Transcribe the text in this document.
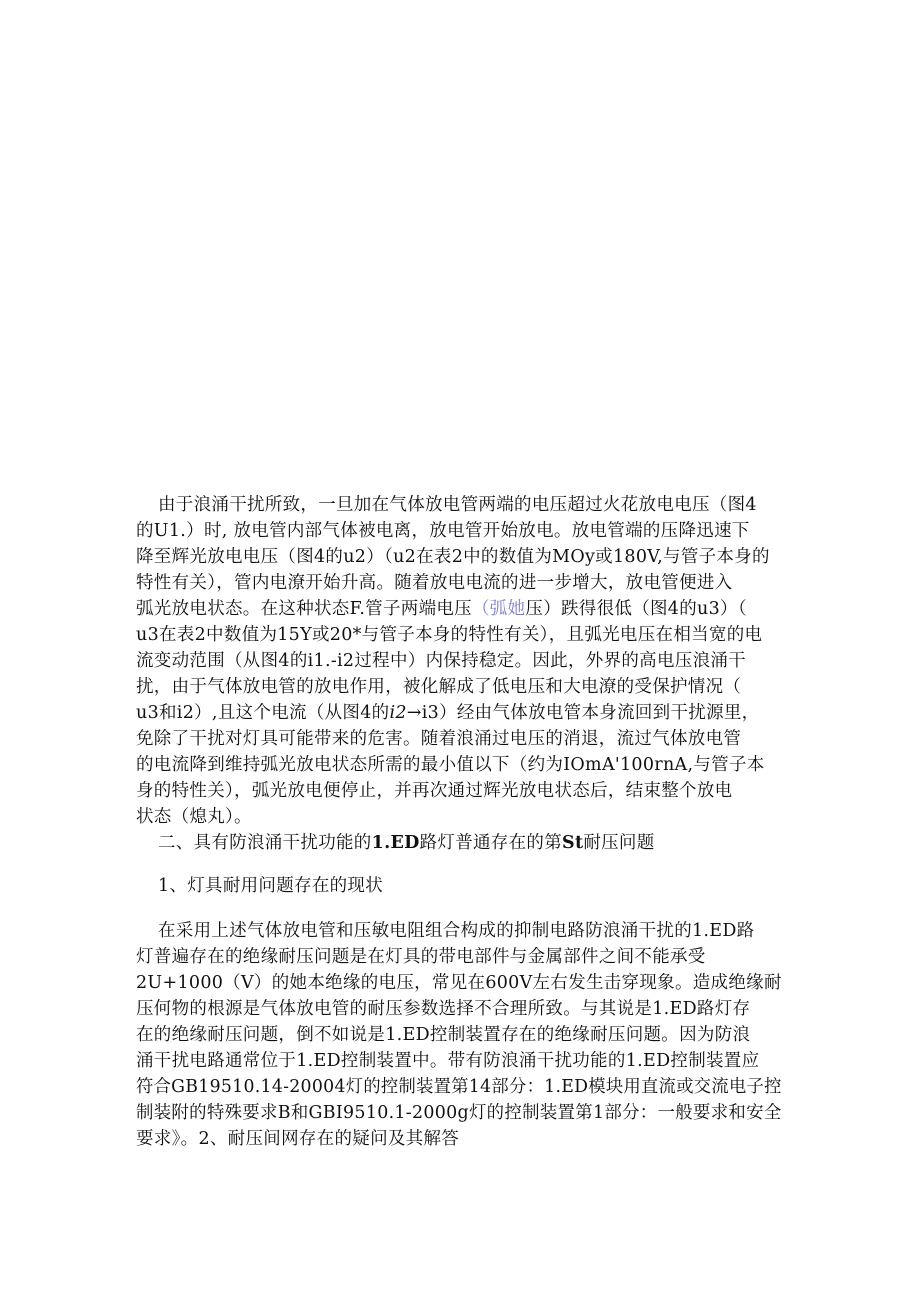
由于浪涌干扰所致，一旦加在气体放电管两端的电压超过火花放电电压（图4
的U1.）时, 放电管内部气体被电离，放电管开始放电。放电管端的压降迅速下
降至辉光放电电压（图4的u2）（u2在表2中的数值为MOy或180V,与管子本身的
特性有关），管内电潦开始升高。随着放电电流的进一步增大，放电管便进入
弧光放电状态。在这种状态F.管子两端电压（弧她压）跌得很低（图4的u3）（
u3在表2中数值为15Y或20*与管子本身的特性有关），且弧光电压在相当宽的电
流变动范围（从图4的i1.-i2过程中）内保持稳定。因此，外界的高电压浪涌干
扰，由于气体放电管的放电作用，被化解成了低电压和大电潦的受保护情况（
u3和i2）,且这个电流（从图4的i2→i3）经由气体放电管本身流回到干扰源里，
免除了干扰对灯具可能带来的危害。随着浪涌过电压的消退，流过气体放电管
的电流降到维持弧光放电状态所需的最小值以下（约为IOmA'100rnA,与管子本
身的特性关），弧光放电便停止，并再次通过辉光放电状态后，结束整个放电
状态（熄丸）。
二、具有防浪涌干扰功能的1.ED路灯普通存在的第St耐压问题
1、灯具耐用问题存在的现状
在采用上述气体放电管和压敏电阻组合构成的抑制电路防浪涌干扰的1.ED路
灯普遍存在的绝缘耐压问题是在灯具的带电部件与金属部件之间不能承受
2U+1000（V）的她本绝缘的电压，常见在600V左右发生击穿现象。造成绝缘耐
压何物的根源是气体放电管的耐压参数选择不合理所致。与其说是1.ED路灯存
在的绝缘耐压问题，倒不如说是1.ED控制装置存在的绝缘耐压问题。因为防浪
涌干扰电路通常位于1.ED控制装置中。带有防浪涌干扰功能的1.ED控制装置应
符合GB19510.14-20004灯的控制装置第14部分：1.ED模块用直流或交流电子控
制装附的特殊要求B和GBI9510.1-2000g灯的控制装置第1部分：一般要求和安全
要求》。2、耐压间网存在的疑问及其解答
